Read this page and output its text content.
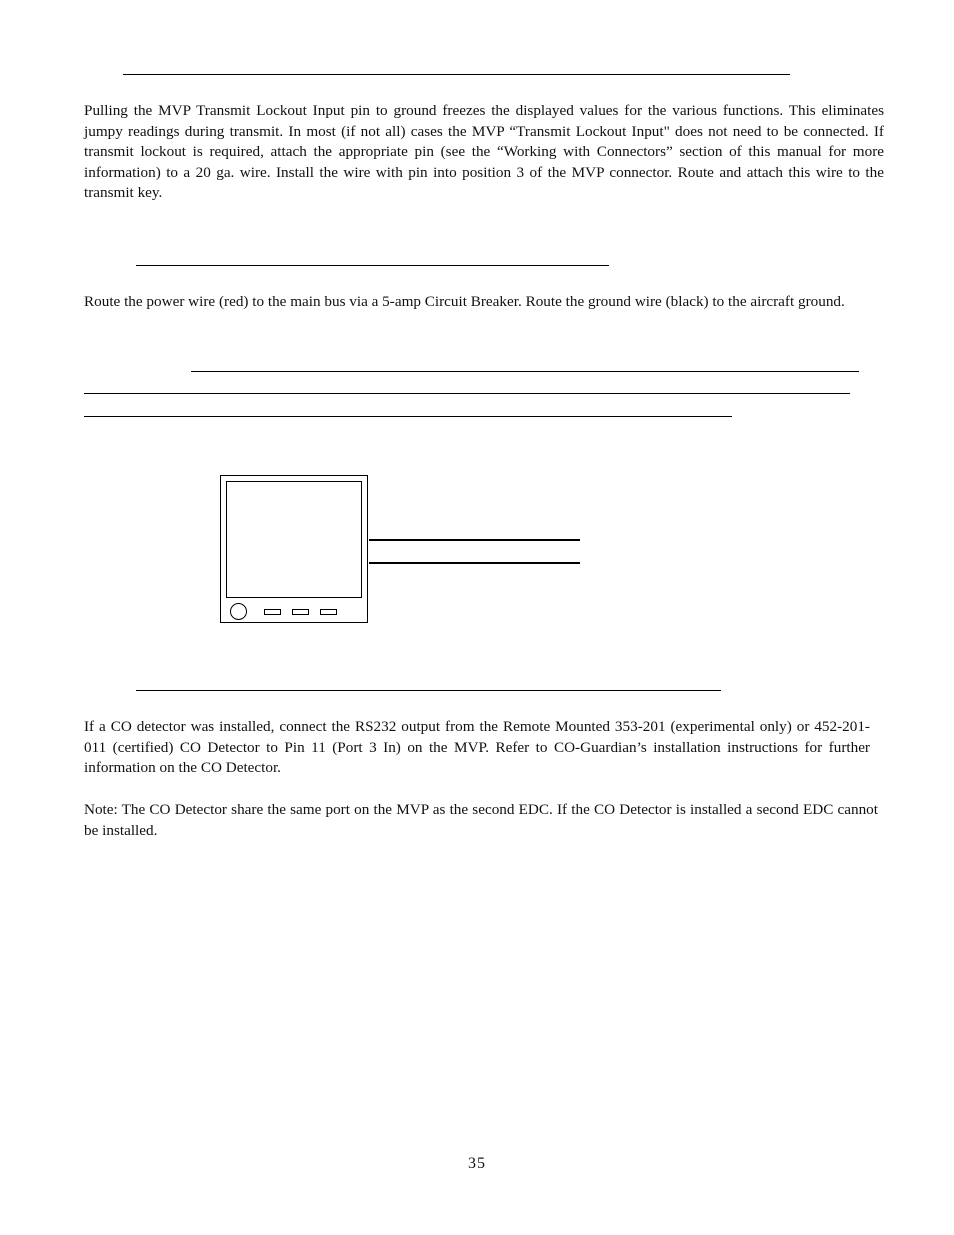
Pulling the MVP Transmit Lockout Input pin to ground freezes the displayed values for the various functions. This eliminates jumpy readings during transmit. In most (if not all) cases the MVP “Transmit Lockout Input" does not need to be connected. If transmit lockout is required, attach the appropriate pin (see the “Working with Connectors” section of this manual for more information) to a 20 ga. wire. Install the wire with pin into position 3 of the MVP connector. Route and attach this wire to the transmit key.

Route the power wire (red) to the main bus via a 5-amp Circuit Breaker. Route the ground wire (black) to the aircraft ground.

If a CO detector was installed, connect the RS232 output from the Remote Mounted 353-201 (experimental only) or 452-201-011 (certified) CO Detector to Pin 11 (Port 3 In) on the MVP. Refer to CO-Guardian’s installation instructions for further information on the CO Detector.

Note: The CO Detector share the same port on the MVP as the second EDC. If the CO Detector is installed a second EDC cannot be installed.

35
